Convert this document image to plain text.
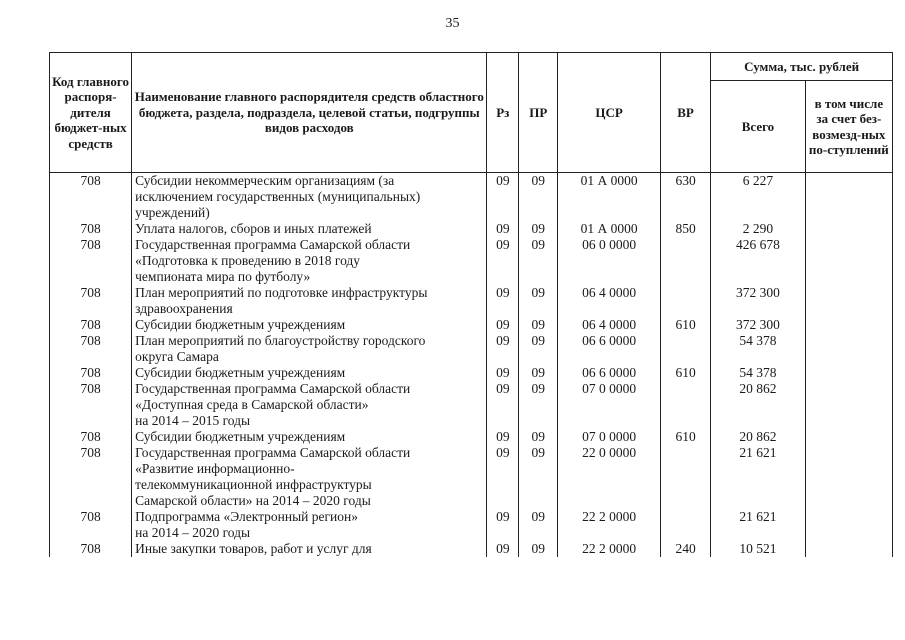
35
Код главного распоря-дителя бюджет-ных средств	Наименование главного распорядителя средств областного бюджета, раздела, подраздела, целевой статьи, подгруппы видов расходов	Рз	ПР	ЦСР	ВР	Сумма, тыс. рублей	
						Всего	в том числе за счет без-возмезд-ных по-ступлений
708	Субсидии некоммерческим организациям (за
исключением государственных (муниципальных)
учреждений)	09	09	01 А 0000	630	6 227	
708	Уплата налогов, сборов и иных платежей	09	09	01 А 0000	850	2 290	
708	Государственная программа Самарской области
«Подготовка к проведению в 2018 году
чемпионата мира по футболу»	09	09	06 0 0000		426 678	
708	План мероприятий по подготовке инфраструктуры
здравоохранения	09	09	06 4 0000		372 300	
708	Субсидии бюджетным учреждениям	09	09	06 4 0000	610	372 300	
708	План мероприятий по благоустройству городского
округа Самара	09	09	06 6 0000		54 378	
708	Субсидии бюджетным учреждениям	09	09	06 6 0000	610	54 378	
708	Государственная программа Самарской области
«Доступная среда в Самарской области»
на 2014 – 2015 годы	09	09	07 0 0000		20 862	
708	Субсидии бюджетным учреждениям	09	09	07 0 0000	610	20 862	
708	Государственная программа Самарской области
«Развитие информационно-
телекоммуникационной инфраструктуры
Самарской области» на 2014 – 2020 годы	09	09	22 0 0000		21 621	
708	Подпрограмма «Электронный регион»
на 2014 – 2020 годы	09	09	22 2 0000		21 621	
708	Иные закупки товаров, работ и услуг для	09	09	22 2 0000	240	10 521	
